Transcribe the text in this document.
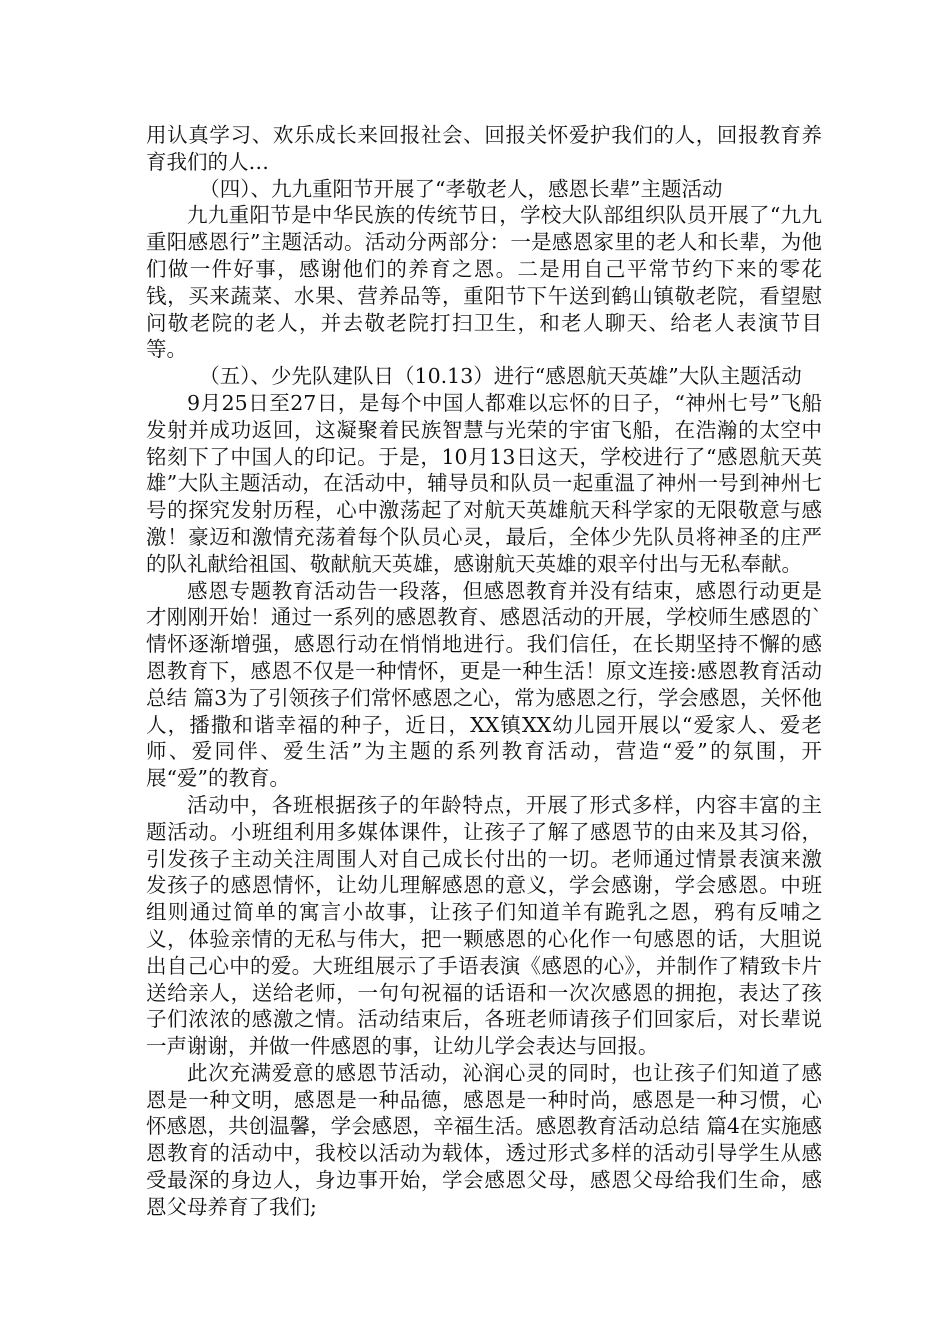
用认真学习、欢乐成长来回报社会、回报关怀爱护我们的人，回报教育养育我们的人…

（四）、九九重阳节开展了“孝敬老人，感恩长辈”主题活动

九九重阳节是中华民族的传统节日，学校大队部组织队员开展了“九九重阳感恩行”主题活动。活动分两部分：一是感恩家里的老人和长辈，为他们做一件好事，感谢他们的养育之恩。二是用自己平常节约下来的零花钱，买来蔬菜、水果、营养品等，重阳节下午送到鹤山镇敬老院，看望慰问敬老院的老人，并去敬老院打扫卫生，和老人聊天、给老人表演节目等。

（五）、少先队建队日（10.13）进行“感恩航天英雄”大队主题活动

9月25日至27日，是每个中国人都难以忘怀的日子，“神州七号”飞船发射并成功返回，这凝聚着民族智慧与光荣的宇宙飞船，在浩瀚的太空中铭刻下了中国人的印记。于是，10月13日这天，学校进行了“感恩航天英雄”大队主题活动，在活动中，辅导员和队员一起重温了神州一号到神州七号的探究发射历程，心中激荡起了对航天英雄航天科学家的无限敬意与感激！豪迈和激情充荡着每个队员心灵，最后，全体少先队员将神圣的庄严的队礼献给祖国、敬献航天英雄，感谢航天英雄的艰辛付出与无私奉献。

感恩专题教育活动告一段落，但感恩教育并没有结束，感恩行动更是才刚刚开始！通过一系列的感恩教育、感恩活动的开展，学校师生感恩的`情怀逐渐增强，感恩行动在悄悄地进行。我们信任，在长期坚持不懈的感恩教育下，感恩不仅是一种情怀，更是一种生活！原文连接:感恩教育活动总结 篇3为了引领孩子们常怀感恩之心，常为感恩之行，学会感恩，关怀他人，播撒和谐幸福的种子，近日，XX镇XX幼儿园开展以“爱家人、爱老师、爱同伴、爱生活”为主题的系列教育活动，营造“爱”的氛围，开展“爱”的教育。

活动中，各班根据孩子的年龄特点，开展了形式多样，内容丰富的主题活动。小班组利用多媒体课件，让孩子了解了感恩节的由来及其习俗，引发孩子主动关注周围人对自己成长付出的一切。老师通过情景表演来激发孩子的感恩情怀，让幼儿理解感恩的意义，学会感谢，学会感恩。中班组则通过简单的寓言小故事，让孩子们知道羊有跪乳之恩，鸦有反哺之义，体验亲情的无私与伟大，把一颗感恩的心化作一句感恩的话，大胆说出自己心中的爱。大班组展示了手语表演《感恩的心》，并制作了精致卡片送给亲人，送给老师，一句句祝福的话语和一次次感恩的拥抱，表达了孩子们浓浓的感激之情。活动结束后，各班老师请孩子们回家后，对长辈说一声谢谢，并做一件感恩的事，让幼儿学会表达与回报。

此次充满爱意的感恩节活动，沁润心灵的同时，也让孩子们知道了感恩是一种文明，感恩是一种品德，感恩是一种时尚，感恩是一种习惯，心怀感恩，共创温馨，学会感恩，辛福生活。感恩教育活动总结 篇4在实施感恩教育的活动中，我校以活动为载体，透过形式多样的活动引导学生从感受最深的身边人，身边事开始，学会感恩父母，感恩父母给我们生命，感恩父母养育了我们;
